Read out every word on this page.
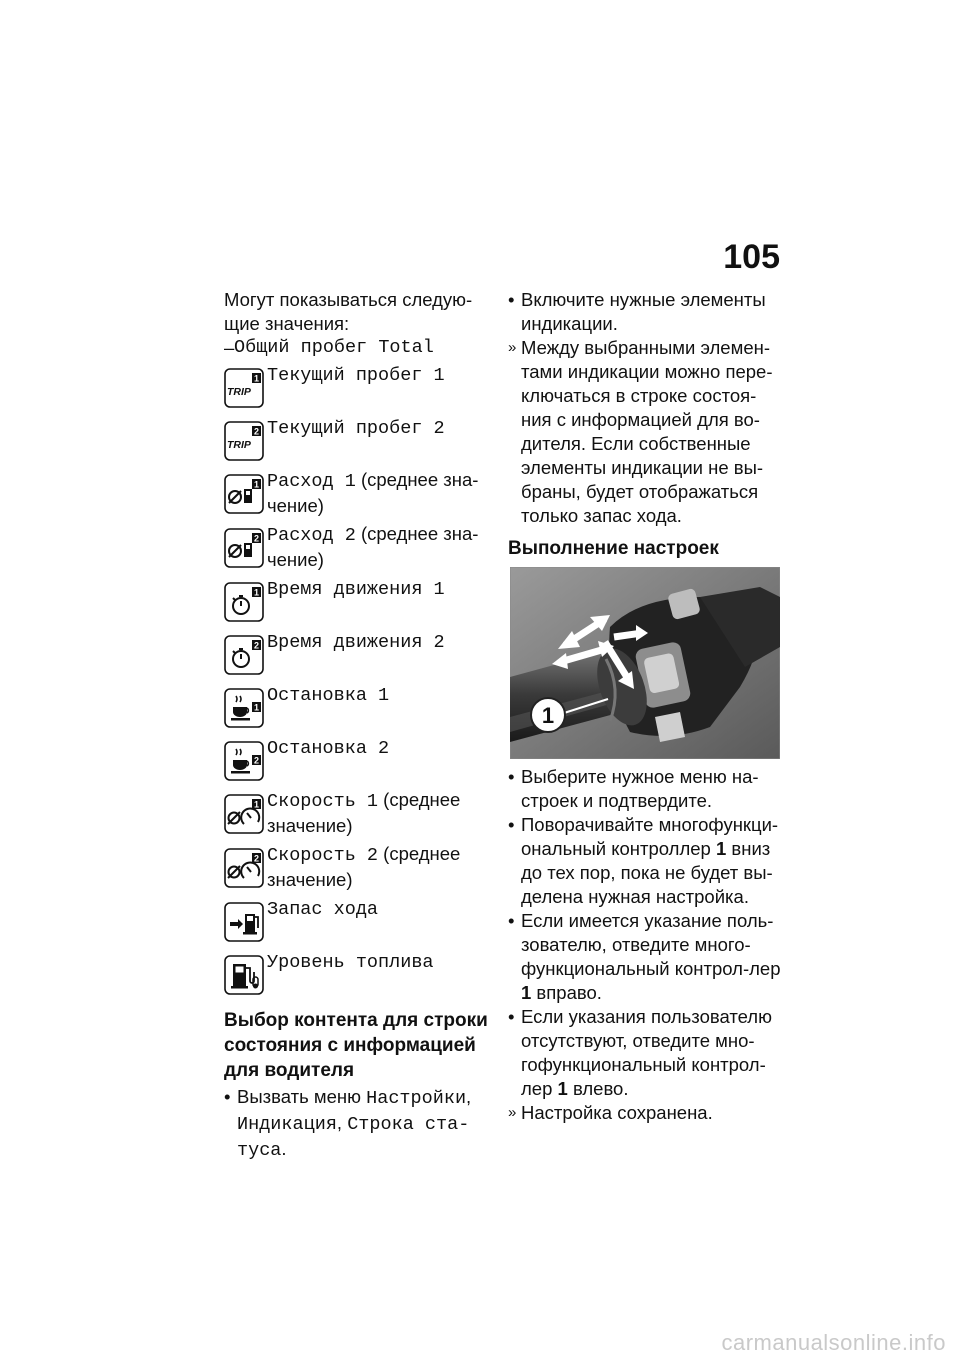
105

Могут показываться следую-щие значения:

– Общий пробег Total
TRIP
1 Текущий пробег 1
TRIP
2 Текущий пробег 2
1 Расход 1 (среднее зна-чение)
2 Расход 2 (среднее зна-чение)
1 Время движения 1
2 Время движения 2
1
Остановка 1
2
Остановка 2
1 Скорость 1 (среднее значение)
2 Скорость 2 (среднее значение)
Запас хода
Уровень топлива
Выбор контента для строки состояния с информацией для водителя
• Вызвать меню Настройки, Индикация, Строка ста-туса.
• Включите нужные элементы индикации.
» Между выбранными элемен-тами индикации можно пере-ключаться в строке состоя-ния с информацией для во-дителя. Если собственные элементы индикации не вы-браны, будет отображаться только запас хода.
Выполнение настроек
1
• Выберите нужное меню на-строек и подтвердите.
• Поворачивайте многофункци-ональный контроллер 1 вниз до тех пор, пока не будет вы-делена нужная настройка.
• Если имеется указание поль-зователю, отведите много-функциональный контрол-лер 1 вправо.
• Если указания пользователю отсутствуют, отведите мно-гофункциональный контрол-лер 1 влево.
» Настройка сохранена.
carmanualsonline.info
